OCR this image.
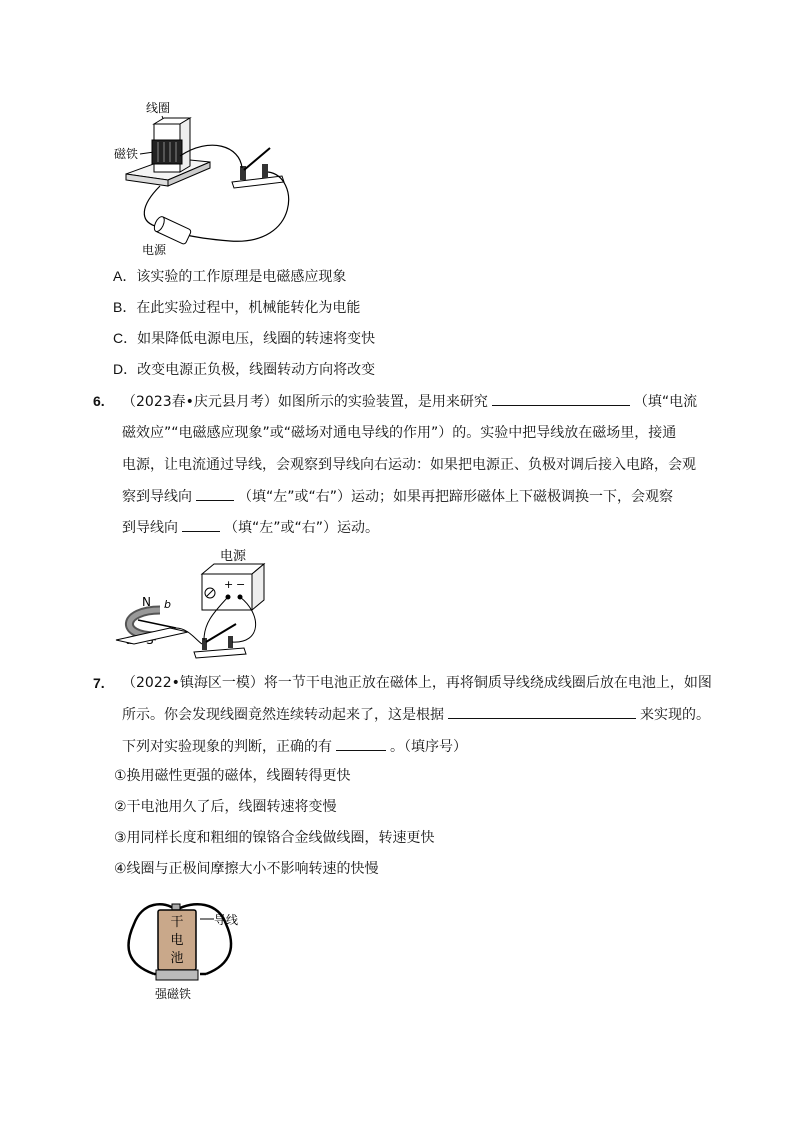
线圈
磁铁
电源
A．该实验的工作原理是电磁感应现象
B．在此实验过程中，机械能转化为电能
C．如果降低电源电压，线圈的转速将变快
D．改变电源正负极，线圈转动方向将改变
6. （2023春•庆元县月考）如图所示的实验装置，是用来研究	（填“电流
磁效应”“电磁感应现象”或“磁场对通电导线的作用”）的。实验中把导线放在磁场里，接通
电源，让电流通过导线，会观察到导线向右运动：如果把电源正、负极对调后接入电路，会观
察到导线向	（填“左”或“右”）运动；如果再把蹄形磁体上下磁极调换一下，会观察
到导线向	（填“左”或“右”）运动。
电源
+ −
N b
7. （2022•镇海区一模）将一节干电池正放在磁体上，再将铜质导线绕成线圈后放在电池上，如图
所示。你会发现线圈竟然连续转动起来了，这是根据	来实现的。
下列对实验现象的判断，正确的有	。（填序号）
①换用磁性更强的磁体，线圈转得更快
②干电池用久了后，线圈转速将变慢
③用同样长度和粗细的镍铬合金线做线圈，转速更快
④线圈与正极间摩擦大小不影响转速的快慢
干
电
池
导线
强磁铁
